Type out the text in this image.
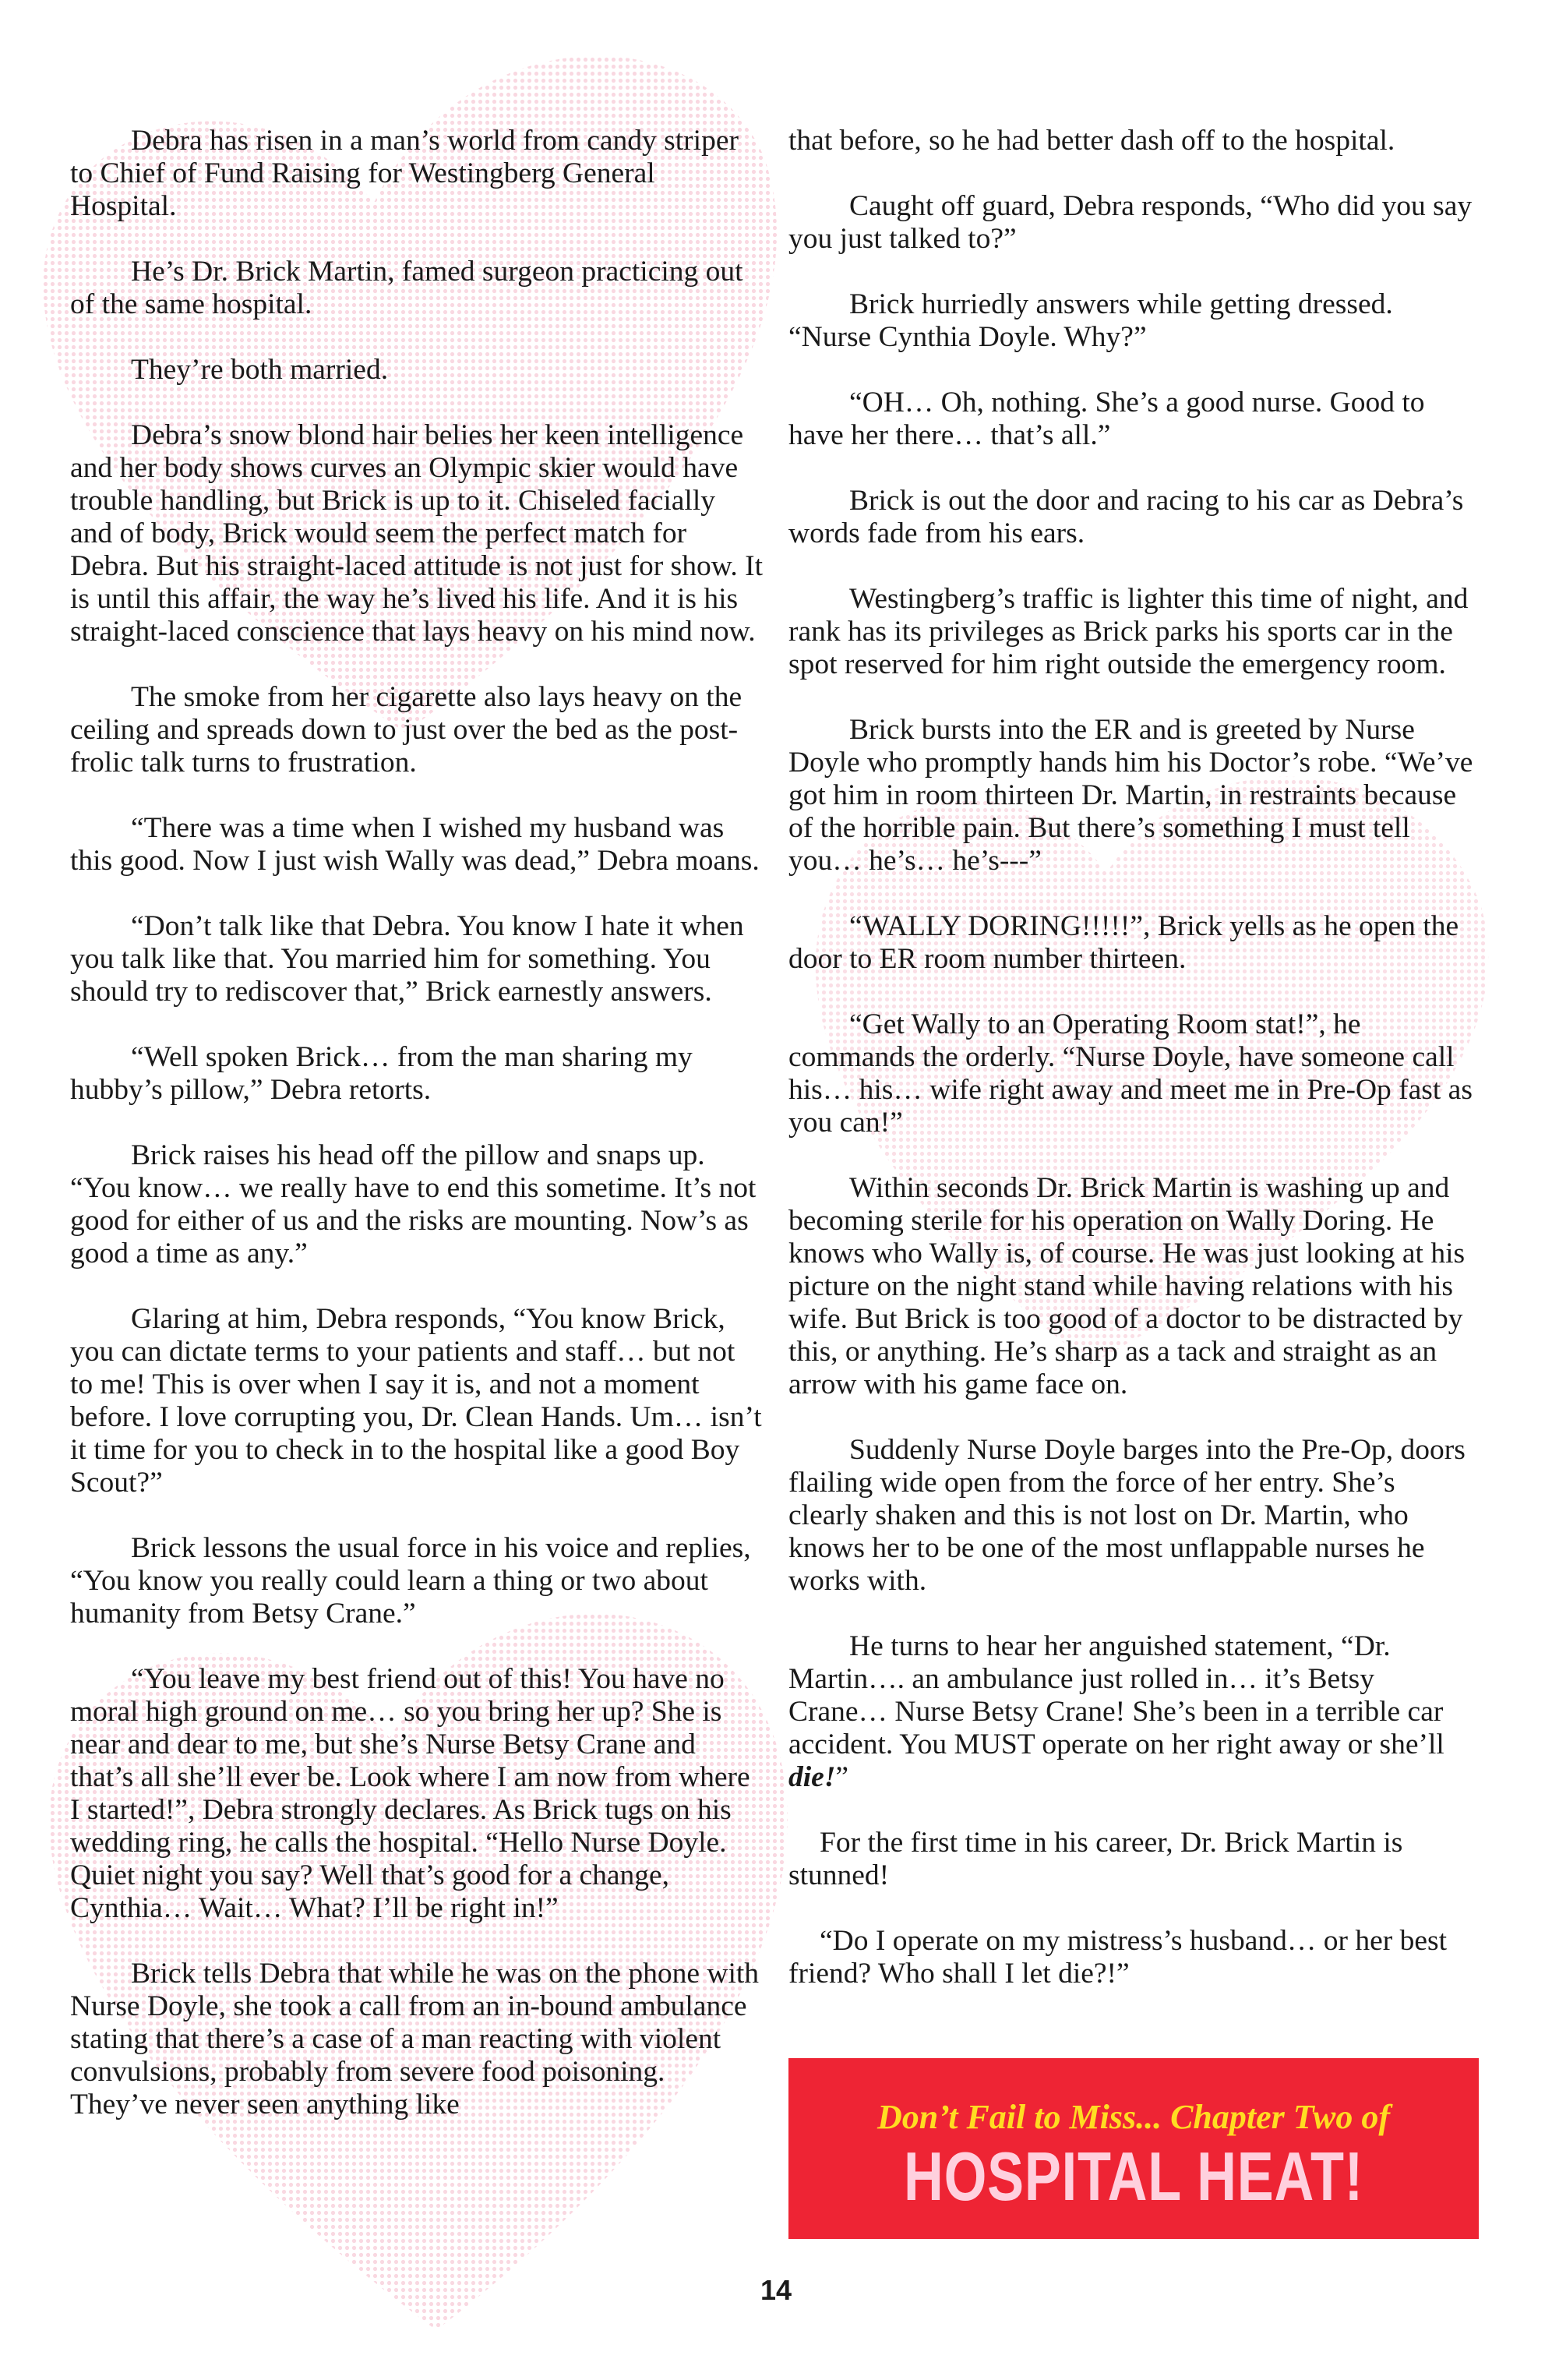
Debra has risen in a man’s world from candy striper to Chief of Fund Raising for Westingberg General Hospital.

He’s Dr. Brick Martin, famed surgeon practicing out of the same hospital.

They’re both married.

Debra’s snow blond hair belies her keen intelligence and her body shows curves an Olympic skier would have trouble handling, but Brick is up to it. Chiseled facially and of body, Brick would seem the perfect match for Debra. But his straight-laced attitude is not just for show. It is until this affair, the way he’s lived his life. And it is his straight-laced conscience that lays heavy on his mind now.

The smoke from her cigarette also lays heavy on the ceiling and spreads down to just over the bed as the post-frolic talk turns to frustration.

“There was a time when I wished my husband was this good. Now I just wish Wally was dead,” Debra moans.

“Don’t talk like that Debra. You know I hate it when you talk like that. You married him for something. You should try to rediscover that,” Brick earnestly answers.

“Well spoken Brick… from the man sharing my hubby’s pillow,” Debra retorts.

Brick raises his head off the pillow and snaps up. “You know… we really have to end this sometime. It’s not good for either of us and the risks are mounting. Now’s as good a time as any.”

Glaring at him, Debra responds, “You know Brick, you can dictate terms to your patients and staff… but not to me! This is over when I say it is, and not a moment before. I love corrupting you, Dr. Clean Hands. Um… isn’t it time for you to check in to the hospital like a good Boy Scout?”

Brick lessons the usual force in his voice and replies, “You know you really could learn a thing or two about humanity from Betsy Crane.”

“You leave my best friend out of this! You have no moral high ground on me… so you bring her up? She is near and dear to me, but she’s Nurse Betsy Crane and that’s all she’ll ever be. Look where I am now from where I started!”, Debra strongly declares. As Brick tugs on his wedding ring, he calls the hospital. “Hello Nurse Doyle. Quiet night you say? Well that’s good for a change, Cynthia… Wait… What? I’ll be right in!”

Brick tells Debra that while he was on the phone with Nurse Doyle, she took a call from an in-bound ambulance stating that there’s a case of a man reacting with violent convulsions, probably from severe food poisoning. They’ve never seen anything like

that before, so he had better dash off to the hospital.

Caught off guard, Debra responds, “Who did you say you just talked to?”

Brick hurriedly answers while getting dressed. “Nurse Cynthia Doyle. Why?”

“OH… Oh, nothing. She’s a good nurse. Good to have her there… that’s all.”

Brick is out the door and racing to his car as Debra’s words fade from his ears.

Westingberg’s traffic is lighter this time of night, and rank has its privileges as Brick parks his sports car in the spot reserved for him right outside the emergency room.

Brick bursts into the ER and is greeted by Nurse Doyle who promptly hands him his Doctor’s robe. “We’ve got him in room thirteen Dr. Martin, in restraints because of the horrible pain. But there’s something I must tell you… he’s… he’s---”

“WALLY DORING!!!!!”, Brick yells as he open the door to ER room number thirteen.

“Get Wally to an Operating Room stat!”, he commands the orderly. “Nurse Doyle, have someone call his… his… wife right away and meet me in Pre-Op fast as you can!”

Within seconds Dr. Brick Martin is washing up and becoming sterile for his operation on Wally Doring. He knows who Wally is, of course. He was just looking at his picture on the night stand while having relations with his wife. But Brick is too good of a doctor to be distracted by this, or anything. He’s sharp as a tack and straight as an arrow with his game face on.

Suddenly Nurse Doyle barges into the Pre-Op, doors flailing wide open from the force of her entry. She’s clearly shaken and this is not lost on Dr. Martin, who knows her to be one of the most unflappable nurses he works with.

He turns to hear her anguished statement, “Dr. Martin…. an ambulance just rolled in… it’s Betsy Crane… Nurse Betsy Crane! She’s been in a terrible car accident. You MUST operate on her right away or she’ll die!”

For the first time in his career, Dr. Brick Martin is stunned!

“Do I operate on my mistress’s husband… or her best friend? Who shall I let die?!”

Don’t Fail to Miss... Chapter Two of
HOSPITAL HEAT!
14
